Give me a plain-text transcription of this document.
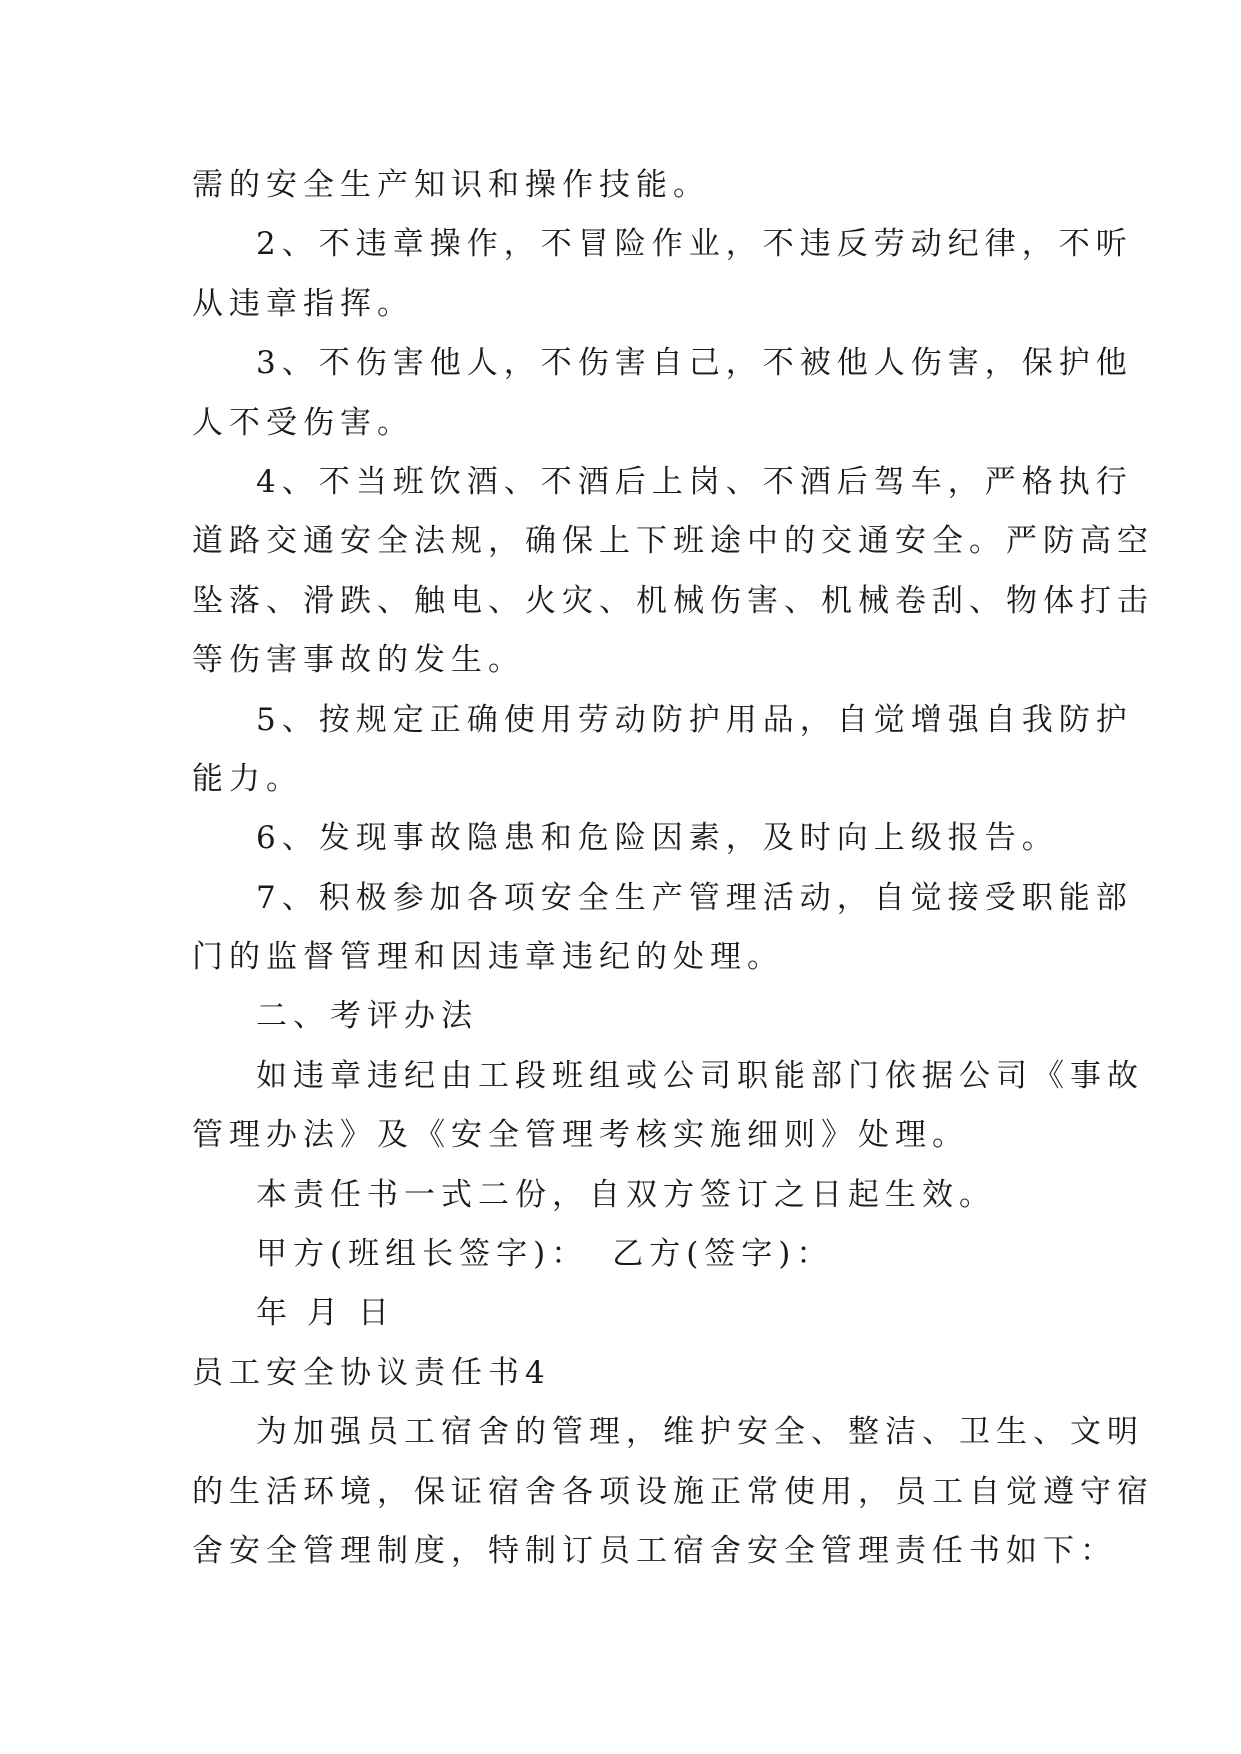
需的安全生产知识和操作技能。
2、不违章操作，不冒险作业，不违反劳动纪律，不听
从违章指挥。
3、不伤害他人，不伤害自己，不被他人伤害，保护他
人不受伤害。
4、不当班饮酒、不酒后上岗、不酒后驾车，严格执行
道路交通安全法规，确保上下班途中的交通安全。严防高空
坠落、滑跌、触电、火灾、机械伤害、机械卷刮、物体打击
等伤害事故的发生。
5、按规定正确使用劳动防护用品，自觉增强自我防护
能力。
6、发现事故隐患和危险因素，及时向上级报告。
7、积极参加各项安全生产管理活动，自觉接受职能部
门的监督管理和因违章违纪的处理。
二、考评办法
如违章违纪由工段班组或公司职能部门依据公司《事故
管理办法》及《安全管理考核实施细则》处理。
本责任书一式二份，自双方签订之日起生效。
甲方(班组长签字)： 乙方(签字)：
年 月 日
员工安全协议责任书4
为加强员工宿舍的管理，维护安全、整洁、卫生、文明
的生活环境，保证宿舍各项设施正常使用，员工自觉遵守宿
舍安全管理制度，特制订员工宿舍安全管理责任书如下：
